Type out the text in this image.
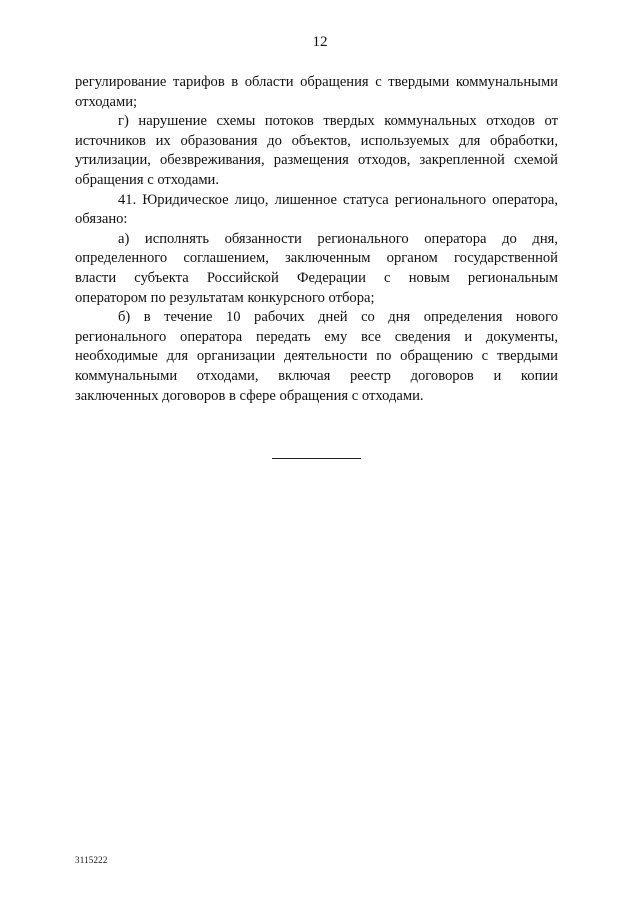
12
регулирование тарифов в области обращения с твердыми коммунальными
отходами;
г) нарушение схемы потоков твердых коммунальных отходов от
источников их образования до объектов, используемых для обработки,
утилизации, обезвреживания, размещения отходов, закрепленной схемой
обращения с отходами.
41. Юридическое лицо, лишенное статуса регионального оператора,
обязано:
а) исполнять обязанности регионального оператора до дня,
определенного соглашением, заключенным органом государственной
власти субъекта Российской Федерации с новым региональным
оператором по результатам конкурсного отбора;
б) в течение 10 рабочих дней со дня определения нового
регионального оператора передать ему все сведения и документы,
необходимые для организации деятельности по обращению с твердыми
коммунальными отходами, включая реестр договоров и копии
заключенных договоров в сфере обращения с отходами.
3115222
